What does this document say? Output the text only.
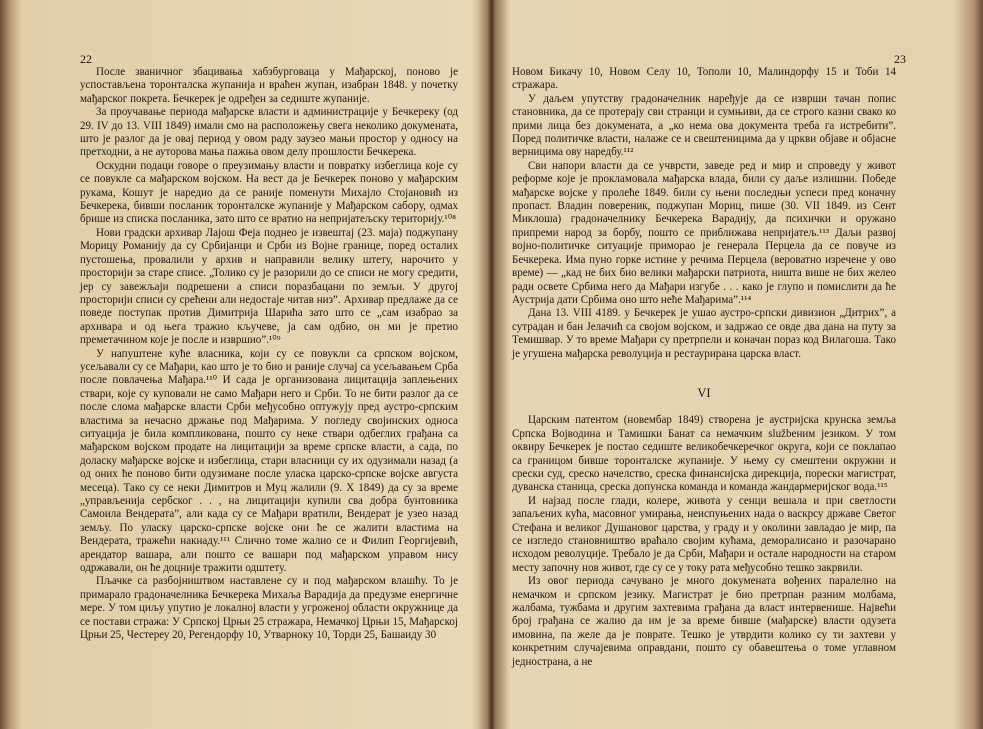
22

После званичног збацивања хабзбурговаца у Мађарској, поново је успостављена торонталска жупанија и враћен жупан, изабран 1848. у почетку мађарског покрета. Бечкерек је одређен за седиште жупаније.

За проучавање периода мађарске власти и администрације у Бечкереку (од 29. IV до 13. VIII 1849) имали смо на расположењу свега неколико докумената, што је разлог да је овај период у овом раду заузео мањи простор у односу на претходни, а не ауторова мања пажња овом делу прошлости Бечкерека.

Оскудни подаци говоре о преузимању власти и повратку избеглица које су се повукле са мађарском војском. На вест да је Бечкерек поново у мађарским рукама, Кошут је наредио да се раније поменути Михајло Стојановић из Бечкерека, бивши посланик торонталске жупаније у Мађарском сабору, одмах брише из списка посланика, зато што се вратио на непријатељску територију.¹⁰⁸

Нови градски архивар Лајош Феја поднео је извештај (23. маја) поджупану Морицу Романију да су Србијанци и Срби из Војне границе, поред осталих пустошења, провалили у архив и направили велику штету, нарочито у просторији за старе списе. „Толико су је разорили до се списи не могу средити, јер су завежљаји подрешени а списи поразбацани по земљи. У другој просторији списи су срећени али недостаје читав низ”. Архивар предлаже да се поведе поступак против Димитрија Шарића зато што се „сам изабрао за архивара и од њега тражио кључеве, ја сам одбио, он ми је претио преметачином које је после и извршио”.¹⁰⁹

У напуштене куће власника, који су се повукли са српском војском, усељавали су се Мађари, као што је то био и раније случај са усељавањем Срба после повлачења Мађара.¹¹⁰ И сада је организована лицитација заплењених ствари, које су куповали не само Мађари него и Срби. То не бити разлог да се после слома мађарске власти Срби међусобно оптужују пред аустро-српским властима за нечасно држање под Мађарима. У погледу својинских односа ситуација је била компликована, пошто су неке ствари одбеглих грађана са мађарском војском продате на лицитацији за време српске власти, а сада, по доласку мађарске војске и избеглица, стари власници су их одузимали назад (а од оних ће поново бити одузимане после уласка царско-српске војске августа месеца). Тако су се неки Димитров и Муц жалили (9. X 1849) да су за време „управљенија сербског . . , на лицитацији купили сва добра бунтовника Самоила Вендерата”, али када су се Мађари вратили, Вендерат је узео назад земљу. По уласку царско-српске војске они ће се жалити властима на Вендерата, тражећи накнаду.¹¹¹ Слично томе жалио се и Филип Георгијевић, арендатор вашара, али пошто се вашари под мађарском управом нису одржавали, он ће доцније тражити одштету.

Пљачке са разбојништвом наставлене су и под мађарском влашћу. То је примарало градоначелника Бечкерека Михаља Варадија да предузме енергичне мере. У том циљу упутио је локалној власти у угроженој области окружнице да се постави стража: У Српској Црњи 25 стражара, Немачкој Црњи 15, Мађарској Црњи 25, Честереу 20, Регендорфу 10, Утварноку 10, Торди 25, Башаиду 30

23

Новом Бикачу 10, Новом Селу 10, Тополи 10, Малиндорфу 15 и Тоби 14 стражара.

У даљем упутству градоначелник наређује да се изврши тачан попис становника, да се протерају сви странци и сумњиви, да се строго казни свако ко прими лица без докумената, а „ко нема ова документа треба га истребити”. Поред политичке власти, налаже се и свештеницима да у цркви објаве и објасне верницима ову наредбу.¹¹²

Сви напори власти да се учврсти, заведе ред и мир и спроведу у живот реформе које је прокламовала мађарска влада, били су даље излишни. Победе мађарске војске у пролеће 1849. били су њени последњи успеси пред коначну пропаст. Владин повереник, поджупан Мориц, пише (30. VII 1849. из Сент Миклоша) градоначелнику Бечкерека Варадију, да психички и оружано припреми народ за борбу, пошто се приближава непријатељ.¹¹³ Даљи развој војно-политичке ситуације примораo је генерала Перцела да се повуче из Бечкерека. Има пуно горке истине у речима Перцела (вероватно изречене у ово време) — „кад не бих био велики мађарски патриота, ништа више не бих желео ради освете Србима него да Мађари изгубе . . . како је глупо и помислити да ће Аустрија дати Србима оно што неће Мађарима”.¹¹⁴

Дана 13. VIII 4189. у Бечкерек је ушао аустро-српски дивизион „Дитрих”, а сутрадан и бан Јелачић са својом војском, и задржао се овде два дана на путу за Темишвар. У то време Мађари су претрпели и коначан пораз код Вилагоша. Тако је угушена мађарска револуција и рестаурирана царска власт.

VI

Царским патентом (новембар 1849) створена је аустријска крунска земља Српска Војводина и Тамишки Банат са немачким službeним језиком. У том оквиру Бечкерек је постао седиште великобечкеречког округа, који се поклапао са границом бивше торонталске жупаније. У њему су смештени окружни и срески суд, среско начелство, среска финансијска дирекција, порески магистрат, дуванска станица, среска допунска команда и команда жандармеријског вода.¹¹⁵

И најзад после глади, колере, живота у сенци вешала и при светлости запаљених кућа, масовног умирања, неиспуњених нада о васкрсу државе Светог Стефана и великог Душановог царства, у граду и у околини завладао је мир, па се изгледо становништво враћало својим кућама, деморалисано и разочарано исходом револуције. Требало је да Срби, Мађари и остале народности на старом месту започну нов живот, где су се у току рата међусобно тешко закрвили.

Из овог периода сачувано је много докумената вођених паралелно на немачком и српском језику. Магистрат је био претрпан разним молбама, жалбама, тужбама и другим захтевима грађана да власт интервенише. Највећи број грађана се жалио да им је за време бивше (мађарске) власти одузета имовина, па желе да је поврате. Тешко је утврдити колико су ти захтеви у конкретним случајевима оправдани, пошто су обавештења о томе углавном једнострана, а не
